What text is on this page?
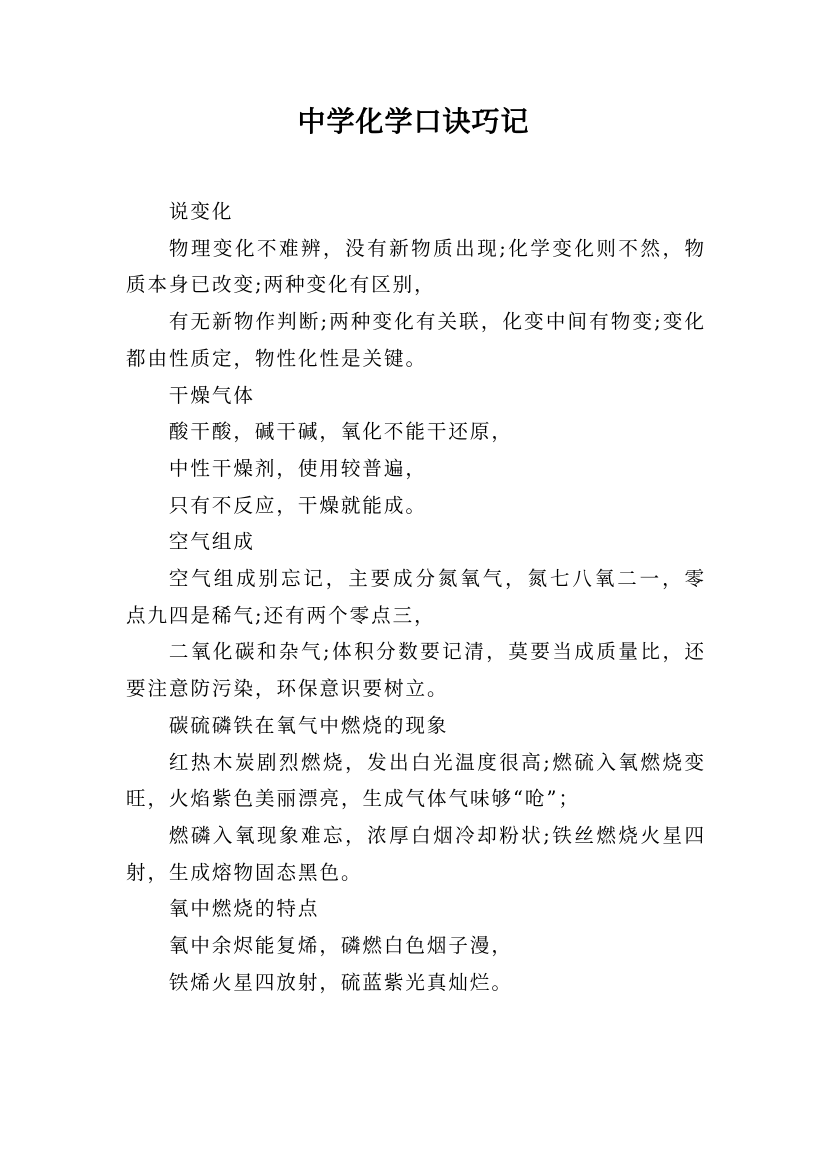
中学化学口诀巧记

说变化

物理变化不难辨，没有新物质出现;化学变化则不然，物质本身已改变;两种变化有区别，

有无新物作判断;两种变化有关联，化变中间有物变;变化都由性质定，物性化性是关键。

干燥气体

酸干酸，碱干碱，氧化不能干还原，

中性干燥剂，使用较普遍，

只有不反应，干燥就能成。

空气组成

空气组成别忘记，主要成分氮氧气，氮七八氧二一，零点九四是稀气;还有两个零点三，

二氧化碳和杂气;体积分数要记清，莫要当成质量比，还要注意防污染，环保意识要树立。

碳硫磷铁在氧气中燃烧的现象

红热木炭剧烈燃烧，发出白光温度很高;燃硫入氧燃烧变旺，火焰紫色美丽漂亮，生成气体气味够“呛”；

燃磷入氧现象难忘，浓厚白烟冷却粉状;铁丝燃烧火星四射，生成熔物固态黑色。

氧中燃烧的特点

氧中余烬能复烯，磷燃白色烟子漫，

铁烯火星四放射，硫蓝紫光真灿烂。
